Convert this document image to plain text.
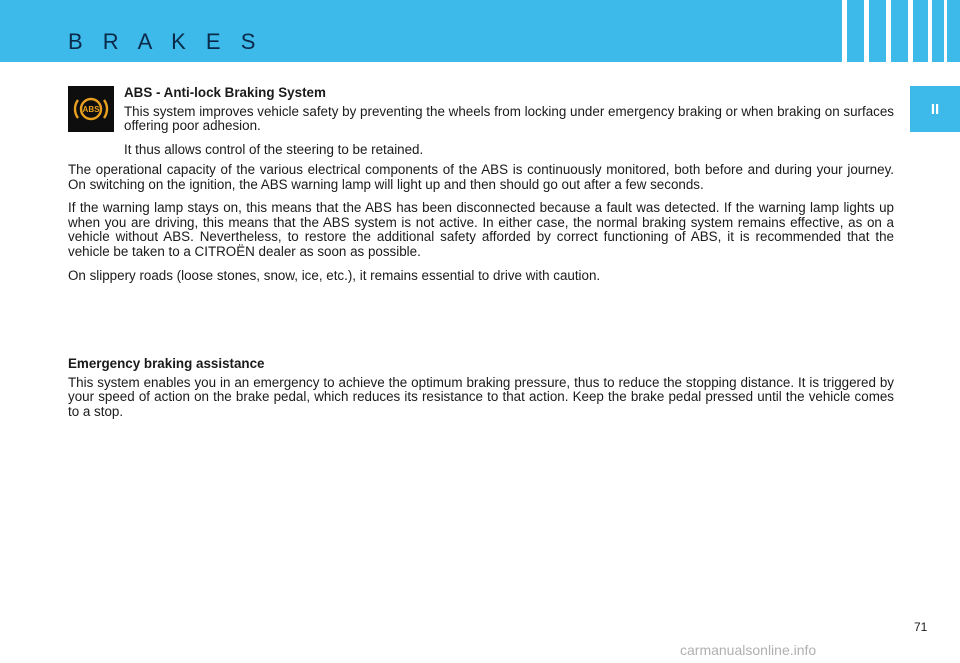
B R A K E S
II
ABS

ABS - Anti-lock Braking System

This system improves vehicle safety by preventing the wheels from locking under emergency braking or when braking on surfaces offering poor adhesion.

It thus allows control of the steering to be retained.

The operational capacity of the various electrical components of the ABS is continuously monitored, both before and during your journey. On switching on the ignition, the ABS warning lamp will light up and then should go out after a few seconds.

If the warning lamp stays on, this means that the ABS has been disconnected because a fault was detected. If the warning lamp lights up when you are driving, this means that the ABS system is not active. In either case, the normal braking system remains effective, as on a vehicle without ABS. Nevertheless, to restore the additional safety afforded by correct functioning of ABS, it is recommended that the vehicle be taken to a CITROËN dealer as soon as possible.

On slippery roads (loose stones, snow, ice, etc.), it remains essential to drive with caution.

Emergency braking assistance

This system enables you in an emergency to achieve the optimum braking pressure, thus to reduce the stopping distance. It is triggered by your speed of action on the brake pedal, which reduces its resistance to that action. Keep the brake pedal pressed until the vehicle comes to a stop.

71
carmanualsonline.info
